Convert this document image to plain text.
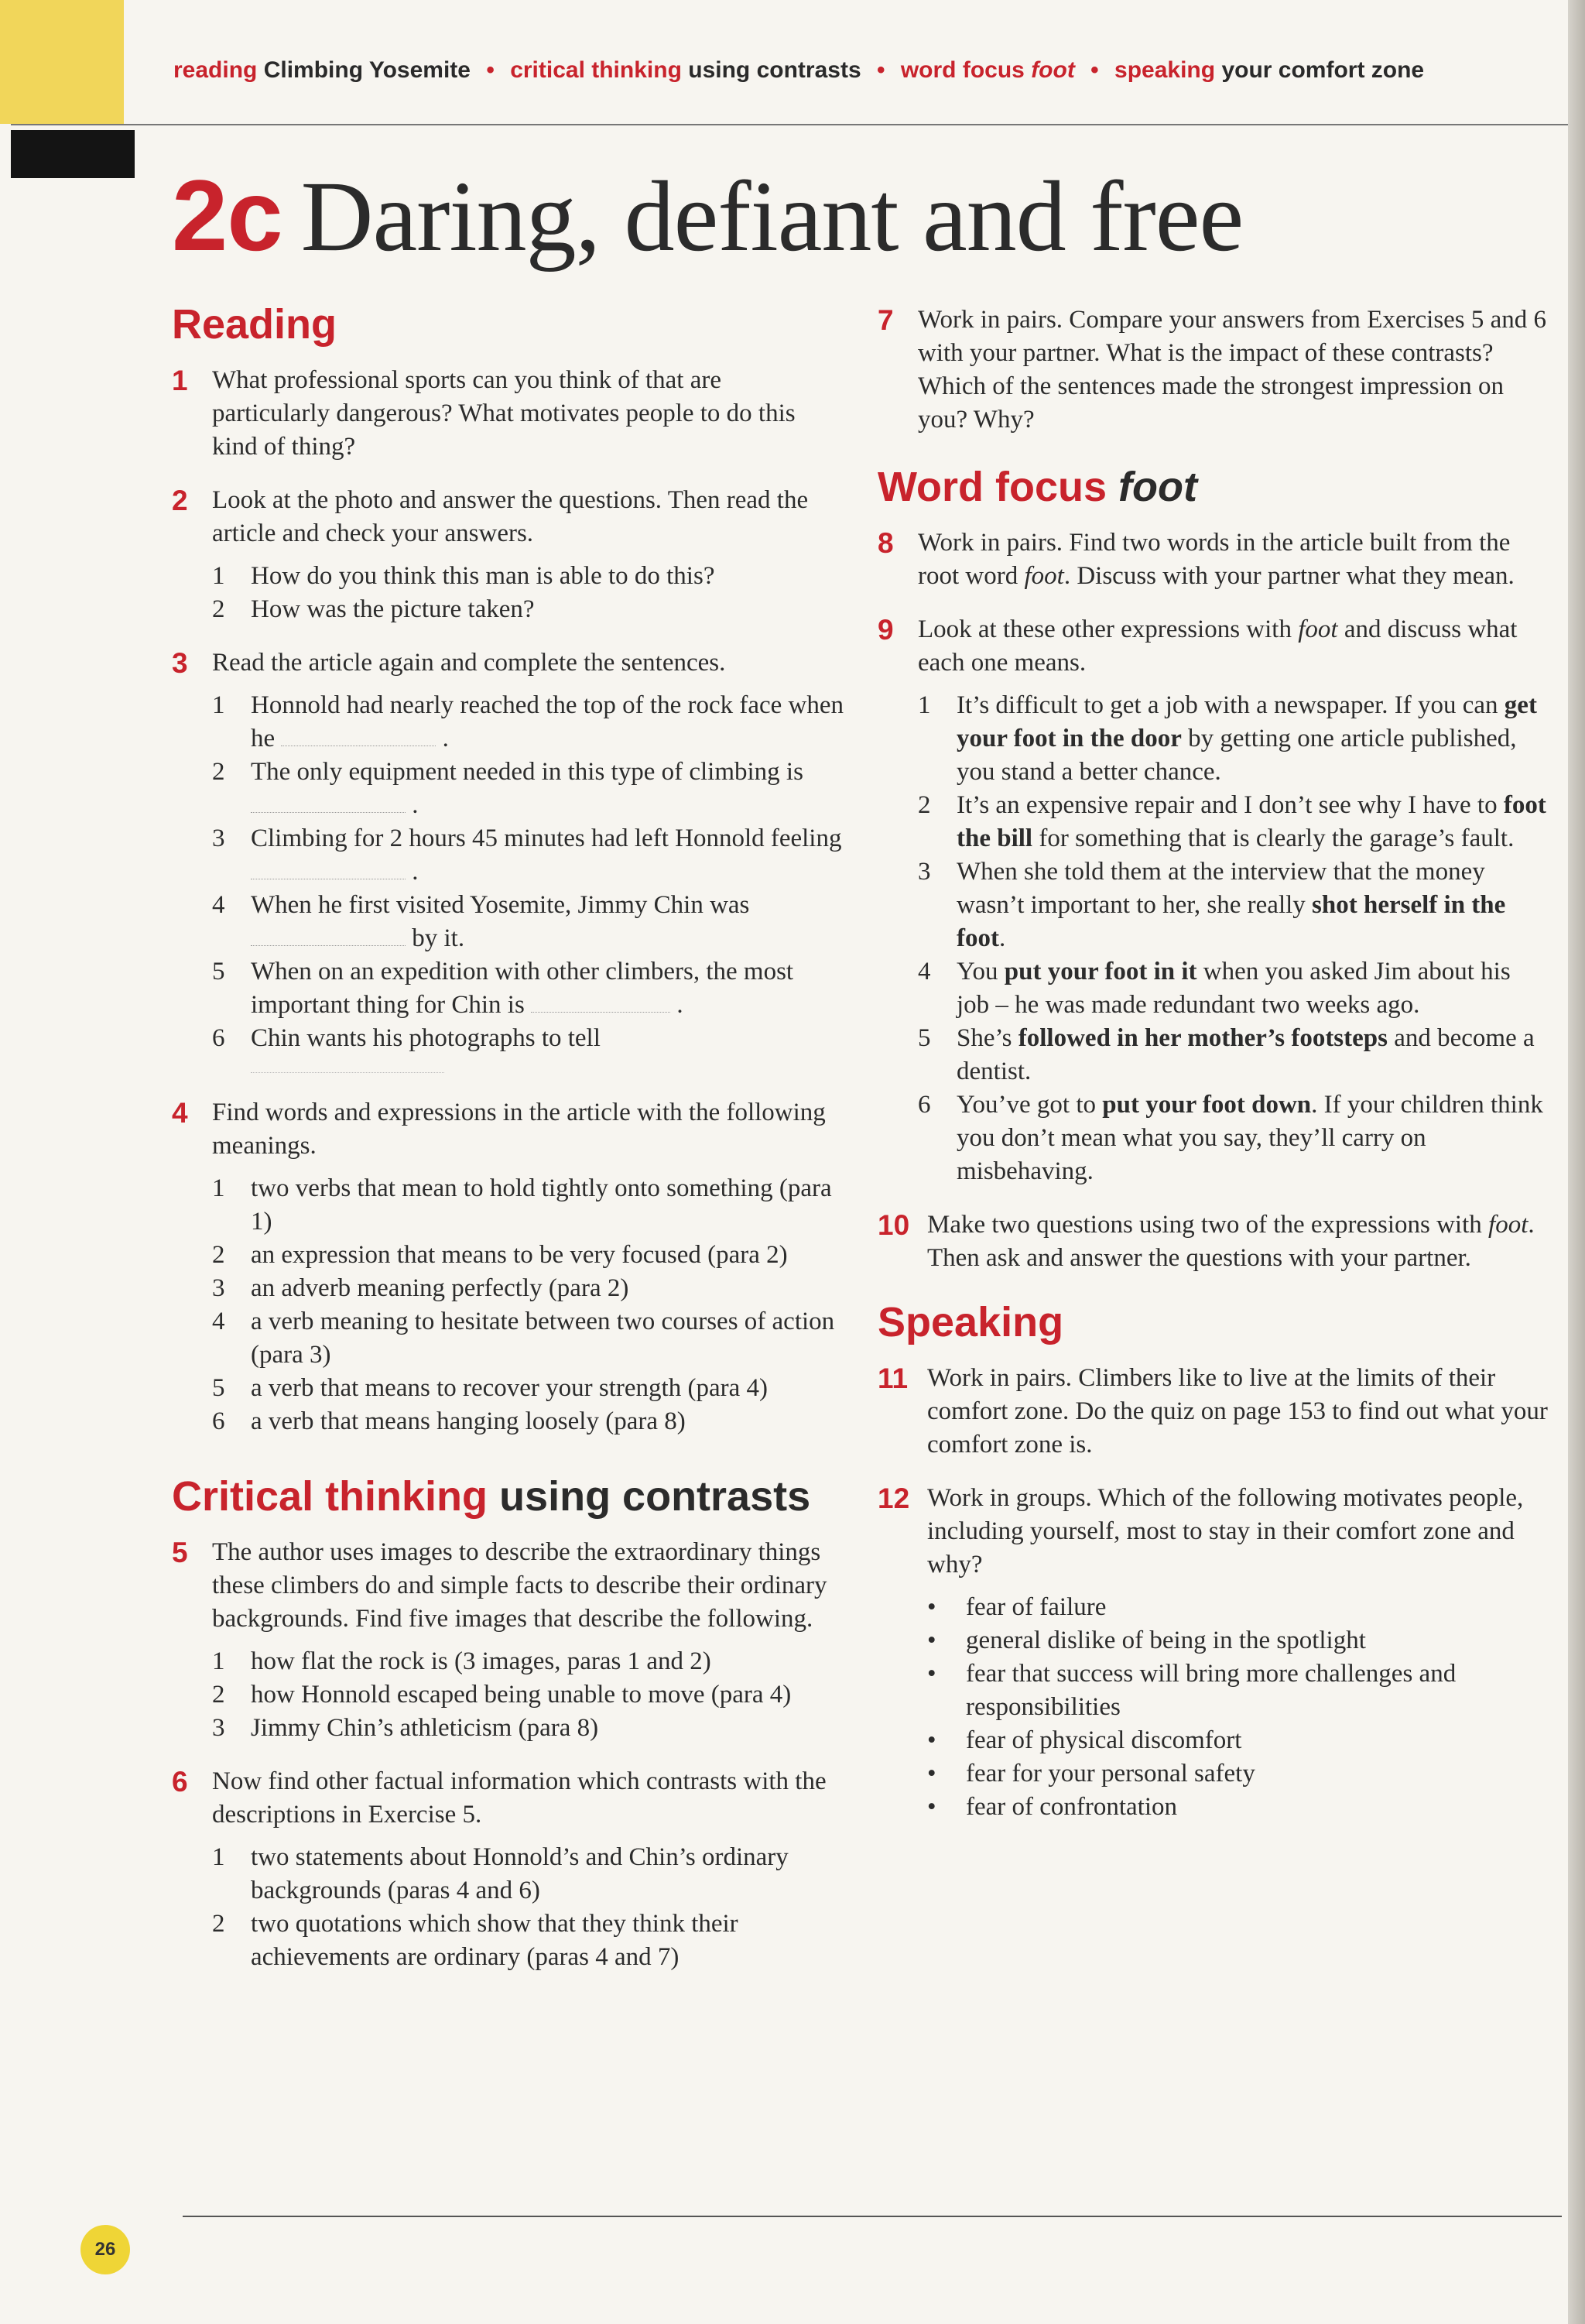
reading Climbing Yosemite • critical thinking using contrasts • word focus foot • speaking your comfort zone
2c Daring, defiant and free
Reading
1 What professional sports can you think of that are particularly dangerous? What motivates people to do this kind of thing?
2 Look at the photo and answer the questions. Then read the article and check your answers.
1 How do you think this man is able to do this?
2 How was the picture taken?
3 Read the article again and complete the sentences.
1 Honnold had nearly reached the top of the rock face when he	.
2 The only equipment needed in this type of climbing is  .
3 Climbing for 2 hours 45 minutes had left Honnold feeling  .
4 When he first visited Yosemite, Jimmy Chin was  by it.
5 When on an expedition with other climbers, the most important thing for Chin is	.
6 Chin wants his photographs to tell
4 Find words and expressions in the article with the following meanings.
1 two verbs that mean to hold tightly onto something (para 1)
2 an expression that means to be very focused (para 2)
3 an adverb meaning perfectly (para 2)
4 a verb meaning to hesitate between two courses of action (para 3)
5 a verb that means to recover your strength (para 4)
6 a verb that means hanging loosely (para 8)
Critical thinking using contrasts
5 The author uses images to describe the extraordinary things these climbers do and simple facts to describe their ordinary backgrounds. Find five images that describe the following.
1 how flat the rock is (3 images, paras 1 and 2)
2 how Honnold escaped being unable to move (para 4)
3 Jimmy Chin’s athleticism (para 8)
6 Now find other factual information which contrasts with the descriptions in Exercise 5.
1 two statements about Honnold’s and Chin’s ordinary backgrounds (paras 4 and 6)
2 two quotations which show that they think their achievements are ordinary (paras 4 and 7)
7 Work in pairs. Compare your answers from Exercises 5 and 6 with your partner. What is the impact of these contrasts? Which of the sentences made the strongest impression on you? Why?
Word focus foot
8 Work in pairs. Find two words in the article built from the root word foot. Discuss with your partner what they mean.
9 Look at these other expressions with foot and discuss what each one means.
1 It’s difficult to get a job with a newspaper. If you can get your foot in the door by getting one article published, you stand a better chance.
2 It’s an expensive repair and I don’t see why I have to foot the bill for something that is clearly the garage’s fault.
3 When she told them at the interview that the money wasn’t important to her, she really shot herself in the foot.
4 You put your foot in it when you asked Jim about his job – he was made redundant two weeks ago.
5 She’s followed in her mother’s footsteps and become a dentist.
6 You’ve got to put your foot down. If your children think you don’t mean what you say, they’ll carry on misbehaving.
10 Make two questions using two of the expressions with foot. Then ask and answer the questions with your partner.
Speaking
11 Work in pairs. Climbers like to live at the limits of their comfort zone. Do the quiz on page 153 to find out what your comfort zone is.
12 Work in groups. Which of the following motivates people, including yourself, most to stay in their comfort zone and why?
• fear of failure
• general dislike of being in the spotlight
• fear that success will bring more challenges and responsibilities
• fear of physical discomfort
• fear for your personal safety
• fear of confrontation
26
